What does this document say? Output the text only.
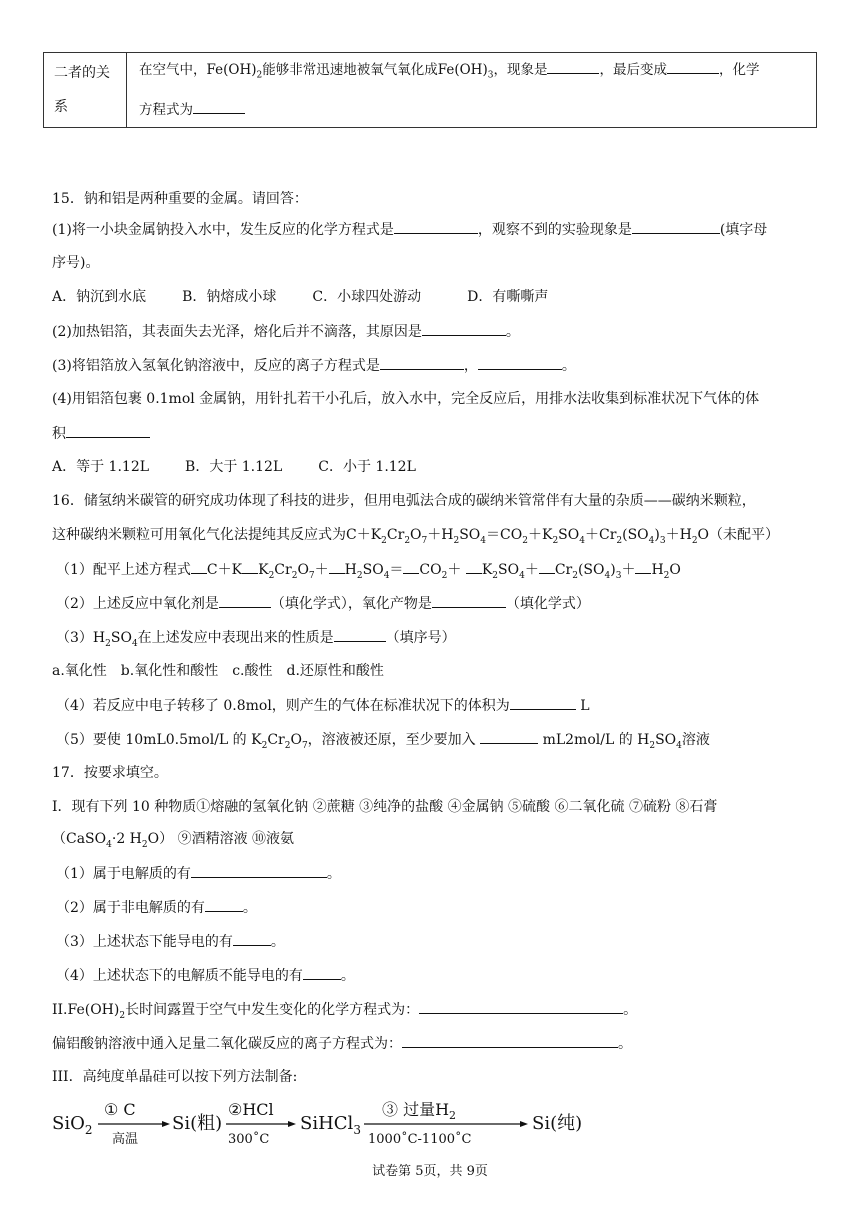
二者的关系	在空气中，$Fe(OH)_2$能够非常迅速地被氧气氧化成$Fe(OH)_3$，现象是	，最后变成	，化学
方程式为
15．钠和铝是两种重要的金属。请回答：
(1)将一小块金属钠投入水中，发生反应的化学方程式是	，观察不到的实验现象是	(填字母
序号)。
A．钠沉到水底	B．钠熔成小球	C．小球四处游动	D．有嘶嘶声
(2)加热铝箔，其表面失去光泽，熔化后并不滴落，其原因是	。
(3)将铝箔放入氢氧化钠溶液中，反应的离子方程式是	，	。
(4)用铝箔包裹 0.1mol 金属钠，用针扎若干小孔后，放入水中，完全反应后，用排水法收集到标准状况下气体的体
积
A．等于 1.12L	B．大于 1.12L	C．小于 1.12L
16．储氢纳米碳管的研究成功体现了科技的进步，但用电弧法合成的碳纳米管常伴有大量的杂质——碳纳米颗粒，
这种碳纳米颗粒可用氧化气化法提纯其反应式为$C+K_2Cr_2O_7+H_2SO_4=CO_2+K_2SO_4+Cr_2(SO_4)_3+H_2O$（未配平）
（1）配平上述方程式 C＋K $K_2Cr_2O_7+ H_2SO_4= CO_2+ K_2SO_4+ Cr_2(SO_4)_3+ H_2O$
（2）上述反应中氧化剂是	（填化学式），氧化产物是	（填化学式）
$(3)H_2SO_4$在上述发应中表现出来的性质是	（填序号）
a.氧化性　b.氧化性和酸性　c.酸性　d.还原性和酸性
（4）若反应中电子转移了 0.8mol，则产生的气体在标准状况下的体积为	L
（5）要使 10mL0.5mol/L 的 $K_2Cr_2O_7$，溶液被还原，至少要加入	mL2mol/L 的 $H_2SO_4$溶液
17．按要求填空。
I．现有下列 10 种物质①熔融的氢氧化钠 ②蔗糖 ③纯净的盐酸 ④金属钠 ⑤硫酸 ⑥二氧化硫 ⑦硫粉 ⑧石膏
（CaSO$_4$·2 $H_2O$） ⑨酒精溶液 ⑩液氨
（1）属于电解质的有	。
（2）属于非电解质的有	。
（3）上述状态下能导电的有	。
（4）上述状态下的电解质不能导电的有	。
$II.Fe(OH)_2$长时间露置于空气中发生变化的化学方程式为：	。
偏铝酸钠溶液中通入足量二氧化碳反应的离子方程式为：	。
III．高纯度单晶硅可以按下列方法制备:
SiO$_2$
① C
高温
Si(粗)
②HCl
300˚C
SiHCl$_3$
③ 过量$H_2$
1000˚C-1100˚C
Si(纯)
试卷第 5页，共 9页
